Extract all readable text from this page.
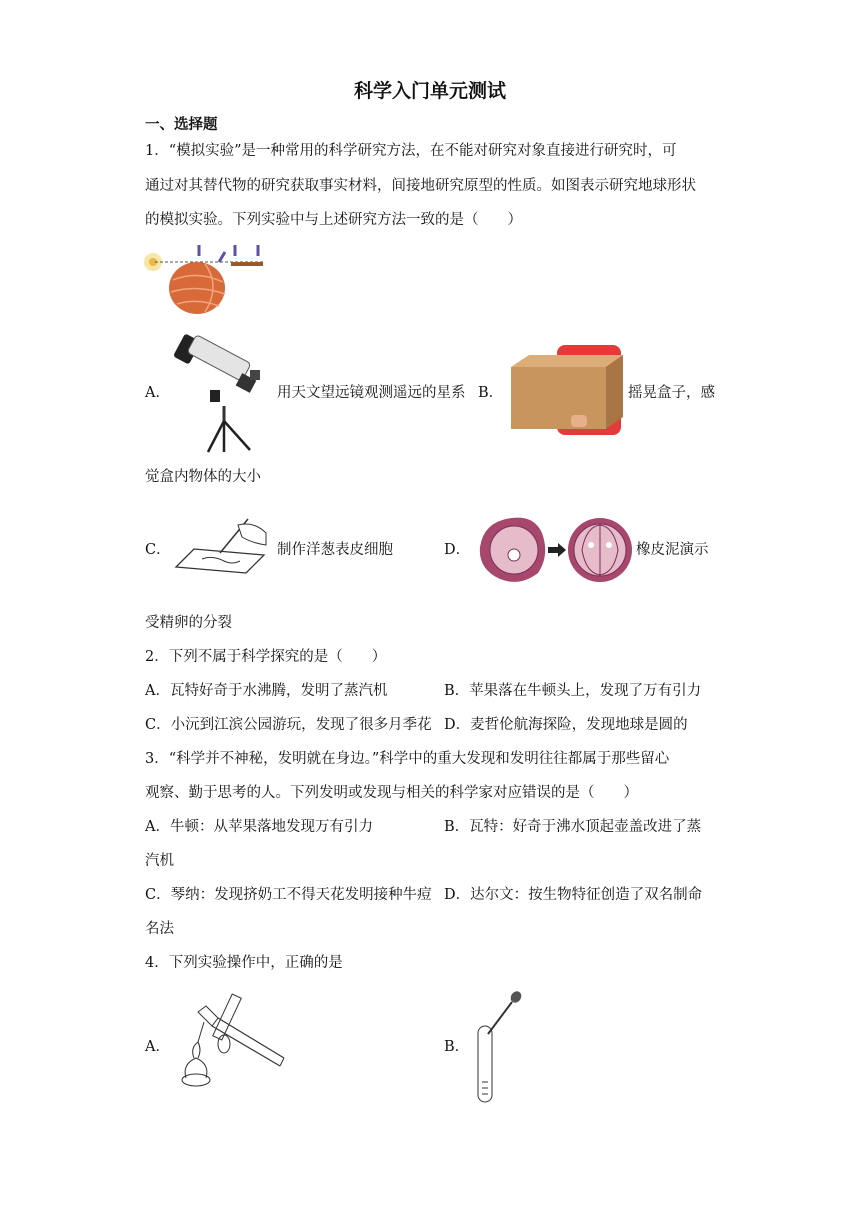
科学入门单元测试
一、选择题
1．“模拟实验”是一种常用的科学研究方法，在不能对研究对象直接进行研究时，可
通过对其替代物的研究获取事实材料，间接地研究原型的性质。如图表示研究地球形状
的模拟实验。下列实验中与上述研究方法一致的是（　　）
A．	用天文望远镜观测遥远的星系 B．	摇晃盒子，感
觉盒内物体的大小
C．	制作洋葱表皮细胞	D．	橡皮泥演示
受精卵的分裂
2．下列不属于科学探究的是（　　）
A．瓦特好奇于水沸腾，发明了蒸汽机	B．苹果落在牛顿头上，发现了万有引力
C．小沅到江滨公园游玩，发现了很多月季花 D．麦哲伦航海探险，发现地球是圆的
3．“科学并不神秘，发明就在身边。”科学中的重大发现和发明往往都属于那些留心
观察、勤于思考的人。下列发明或发现与相关的科学家对应错误的是（　　）
A．牛顿：从苹果落地发现万有引力	B．瓦特：好奇于沸水顶起壶盖改进了蒸
汽机
C．琴纳：发现挤奶工不得天花发明接种牛痘 D．达尔文：按生物特征创造了双名制命
名法
4．下列实验操作中，正确的是
A．	B．
